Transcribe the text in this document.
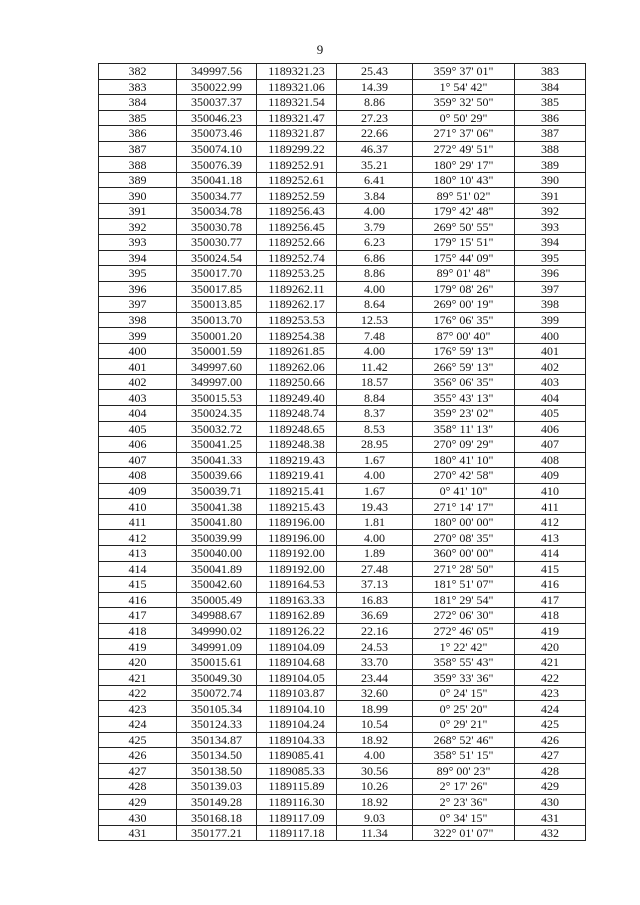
9
382	349997.56	1189321.23	25.43	359° 37' 01"	383
383	350022.99	1189321.06	14.39	1° 54' 42"	384
384	350037.37	1189321.54	8.86	359° 32' 50"	385
385	350046.23	1189321.47	27.23	0° 50' 29"	386
386	350073.46	1189321.87	22.66	271° 37' 06"	387
387	350074.10	1189299.22	46.37	272° 49' 51"	388
388	350076.39	1189252.91	35.21	180° 29' 17"	389
389	350041.18	1189252.61	6.41	180° 10' 43"	390
390	350034.77	1189252.59	3.84	89° 51' 02"	391
391	350034.78	1189256.43	4.00	179° 42' 48"	392
392	350030.78	1189256.45	3.79	269° 50' 55"	393
393	350030.77	1189252.66	6.23	179° 15' 51"	394
394	350024.54	1189252.74	6.86	175° 44' 09"	395
395	350017.70	1189253.25	8.86	89° 01' 48"	396
396	350017.85	1189262.11	4.00	179° 08' 26"	397
397	350013.85	1189262.17	8.64	269° 00' 19"	398
398	350013.70	1189253.53	12.53	176° 06' 35"	399
399	350001.20	1189254.38	7.48	87° 00' 40"	400
400	350001.59	1189261.85	4.00	176° 59' 13"	401
401	349997.60	1189262.06	11.42	266° 59' 13"	402
402	349997.00	1189250.66	18.57	356° 06' 35"	403
403	350015.53	1189249.40	8.84	355° 43' 13"	404
404	350024.35	1189248.74	8.37	359° 23' 02"	405
405	350032.72	1189248.65	8.53	358° 11' 13"	406
406	350041.25	1189248.38	28.95	270° 09' 29"	407
407	350041.33	1189219.43	1.67	180° 41' 10"	408
408	350039.66	1189219.41	4.00	270° 42' 58"	409
409	350039.71	1189215.41	1.67	0° 41' 10"	410
410	350041.38	1189215.43	19.43	271° 14' 17"	411
411	350041.80	1189196.00	1.81	180° 00' 00"	412
412	350039.99	1189196.00	4.00	270° 08' 35"	413
413	350040.00	1189192.00	1.89	360° 00' 00"	414
414	350041.89	1189192.00	27.48	271° 28' 50"	415
415	350042.60	1189164.53	37.13	181° 51' 07"	416
416	350005.49	1189163.33	16.83	181° 29' 54"	417
417	349988.67	1189162.89	36.69	272° 06' 30"	418
418	349990.02	1189126.22	22.16	272° 46' 05"	419
419	349991.09	1189104.09	24.53	1° 22' 42"	420
420	350015.61	1189104.68	33.70	358° 55' 43"	421
421	350049.30	1189104.05	23.44	359° 33' 36"	422
422	350072.74	1189103.87	32.60	0° 24' 15"	423
423	350105.34	1189104.10	18.99	0° 25' 20"	424
424	350124.33	1189104.24	10.54	0° 29' 21"	425
425	350134.87	1189104.33	18.92	268° 52' 46"	426
426	350134.50	1189085.41	4.00	358° 51' 15"	427
427	350138.50	1189085.33	30.56	89° 00' 23"	428
428	350139.03	1189115.89	10.26	2° 17' 26"	429
429	350149.28	1189116.30	18.92	2° 23' 36"	430
430	350168.18	1189117.09	9.03	0° 34' 15"	431
431	350177.21	1189117.18	11.34	322° 01' 07"	432
